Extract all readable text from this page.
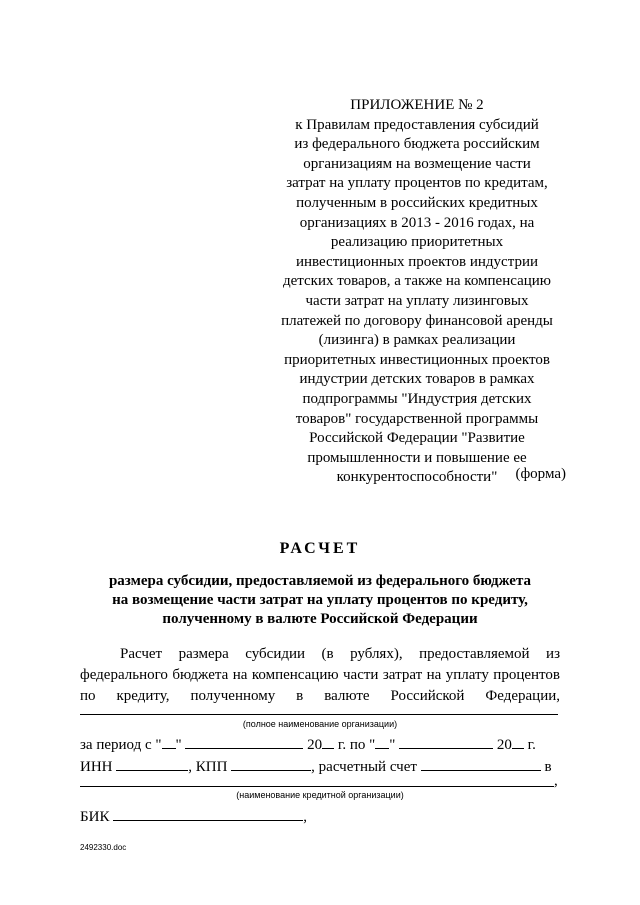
ПРИЛОЖЕНИЕ № 2
к Правилам предоставления субсидий
из федерального бюджета российским
организациям на возмещение части
затрат на уплату процентов по кредитам,
полученным в российских кредитных
организациях в 2013 - 2016 годах, на
реализацию приоритетных
инвестиционных проектов индустрии
детских товаров, а также на компенсацию
части затрат на уплату лизинговых
платежей по договору финансовой аренды
(лизинга) в рамках реализации
приоритетных инвестиционных проектов
индустрии детских товаров в рамках
подпрограммы "Индустрия детских
товаров" государственной программы
Российской Федерации "Развитие
промышленности и повышение ее
конкурентоспособности"	(форма)
РАСЧЕТ
размера субсидии, предоставляемой из федерального бюджета
на возмещение части затрат на уплату процентов по кредиту,
полученному в валюте Российской Федерации
Расчет размера субсидии (в рублях), предоставляемой из
федерального бюджета на компенсацию части затрат на уплату процентов
по кредиту, полученному в валюте Российской Федерации,
(полное наименование организации)
за период с " "	20 г. по " "	20 г.
ИНН	, КПП	, расчетный счет	в
,
(наименование кредитной организации)
БИК	,
2492330.doc
